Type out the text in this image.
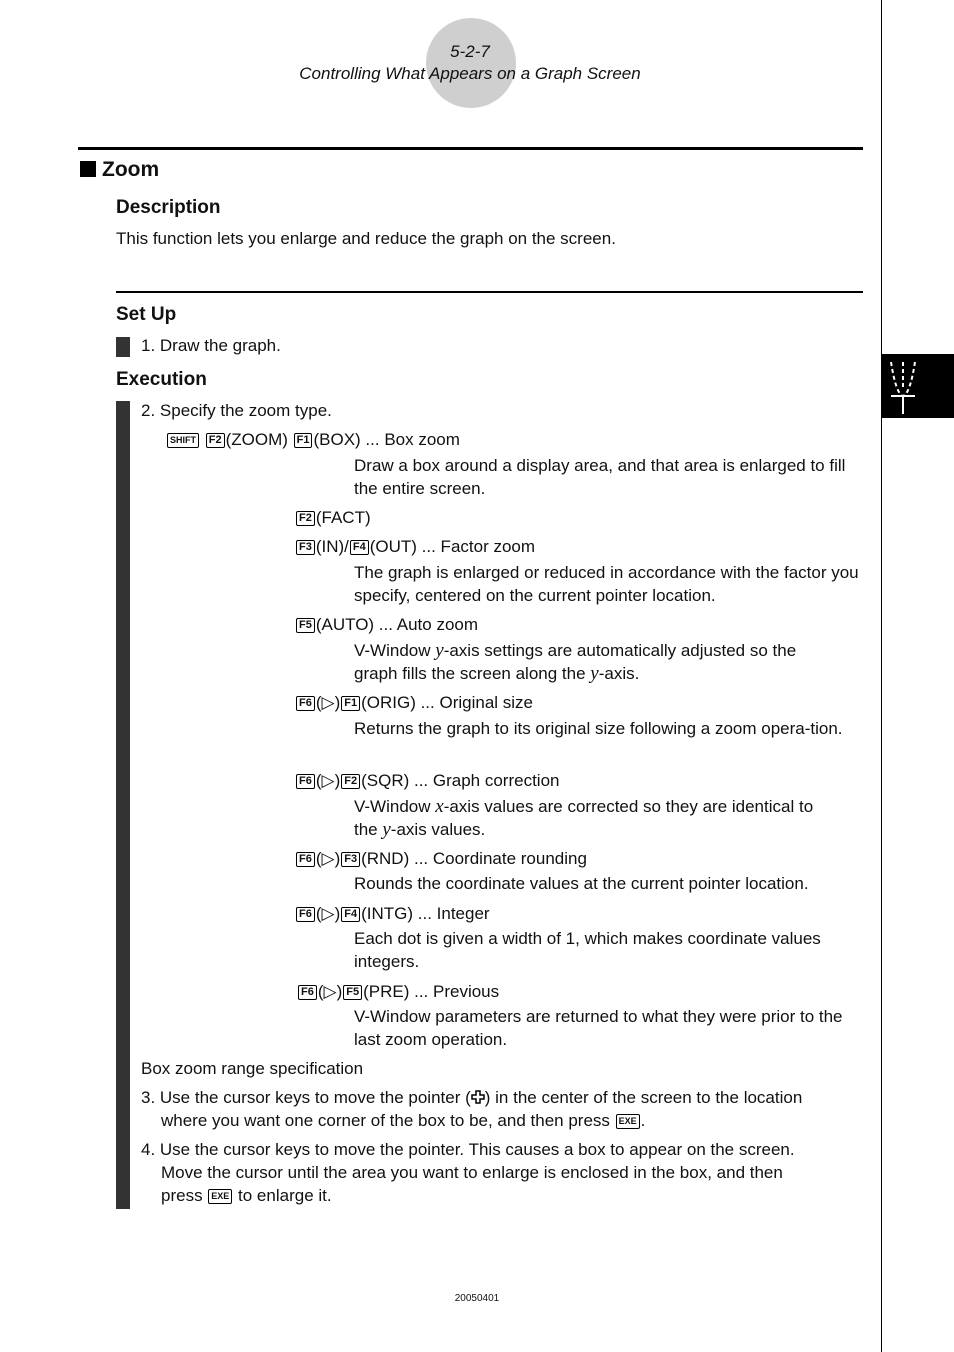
5-2-7
Controlling What Appears on a Graph Screen
Zoom
Description
This function lets you enlarge and reduce the graph on the screen.
Set Up
1. Draw the graph.
Execution
2. Specify the zoom type.
SHIFT F2 (ZOOM) F1 (BOX) ... Box zoom
Draw a box around a display area, and that area is enlarged to fill the entire screen.
F2 (FACT)
F3 (IN)/ F4 (OUT) ... Factor zoom
The graph is enlarged or reduced in accordance with the factor you specify, centered on the current pointer location.
F5 (AUTO) ... Auto zoom
V-Window y-axis settings are automatically adjusted so the
graph fills the screen along the y-axis.
F6 (▷) F1 (ORIG) ... Original size
Returns the graph to its original size following a zoom opera-tion.
F6 (▷) F2 (SQR) ... Graph correction
V-Window x-axis values are corrected so they are identical to
the y-axis values.
F6 (▷) F3 (RND) ... Coordinate rounding
Rounds the coordinate values at the current pointer location.
F6 (▷) F4 (INTG) ... Integer
Each dot is given a width of 1, which makes coordinate values integers.
F6 (▷) F5 (PRE) ... Previous
V-Window parameters are returned to what they were prior to the last zoom operation.
Box zoom range specification
3. Use the cursor keys to move the pointer ( ) in the center of the screen to the location
where you want one corner of the box to be, and then press EXE .
4. Use the cursor keys to move the pointer. This causes a box to appear on the screen.
Move the cursor until the area you want to enlarge is enclosed in the box, and then
press EXE to enlarge it.
20050401
